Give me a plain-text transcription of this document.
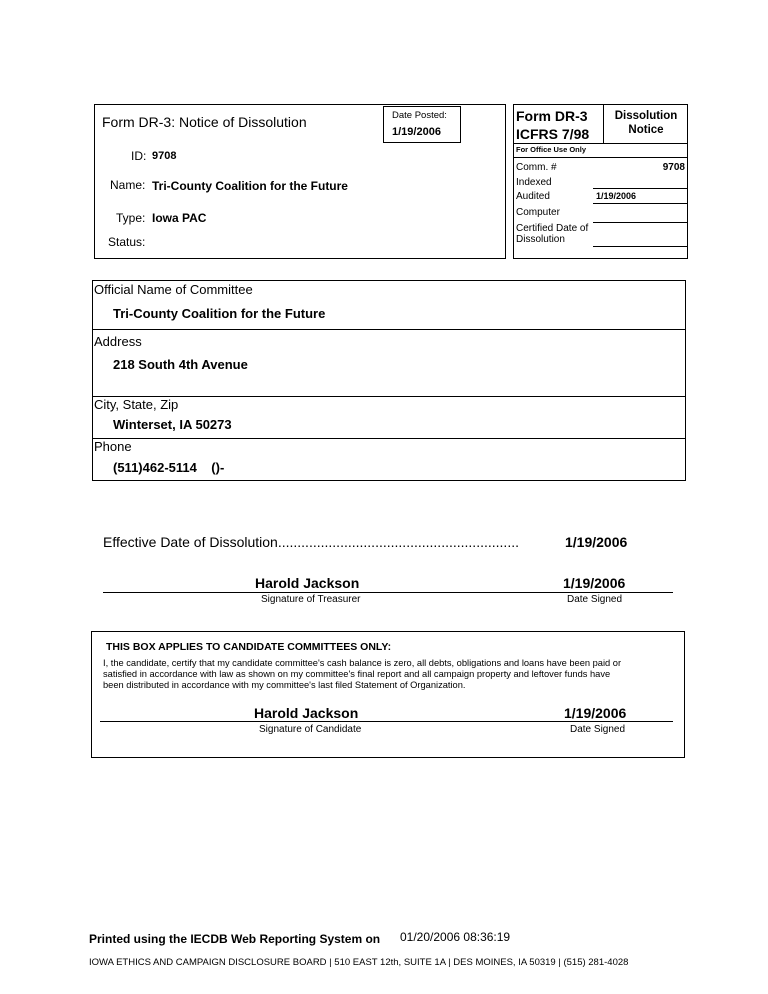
Form DR-3: Notice of Dissolution
ID: 9708
Name: Tri-County Coalition for the Future
Type: Iowa PAC
Status:
Date Posted:
1/19/2006
Form DR-3
ICFRS 7/98
Dissolution
Notice
For Office Use Only
Comm. #	9708
Indexed
Audited	1/19/2006
Computer
Certified Date of
Dissolution
Official Name of Committee
Tri-County Coalition for the Future
Address
218 South 4th Avenue
City, State, Zip
Winterset, IA 50273
Phone
(511)462-5114    ()-
Effective Date of Dissolution..............................................................	1/19/2006
Harold Jackson	1/19/2006
Signature of Treasurer	Date Signed
THIS BOX APPLIES TO CANDIDATE COMMITTEES ONLY:
I, the candidate, certify that my candidate committee's cash balance is zero, all debts, obligations and loans have been paid or
satisfied in accordance with law as shown on my committee's final report and all campaign property and leftover funds have
been distributed in accordance with my committee's last filed Statement of Organization.
Harold Jackson	1/19/2006
Signature of Candidate	Date Signed
Printed using the IECDB Web Reporting System on 01/20/2006 08:36:19
IOWA ETHICS AND CAMPAIGN DISCLOSURE BOARD | 510 EAST 12th, SUITE 1A | DES MOINES, IA 50319 | (515) 281-4028
